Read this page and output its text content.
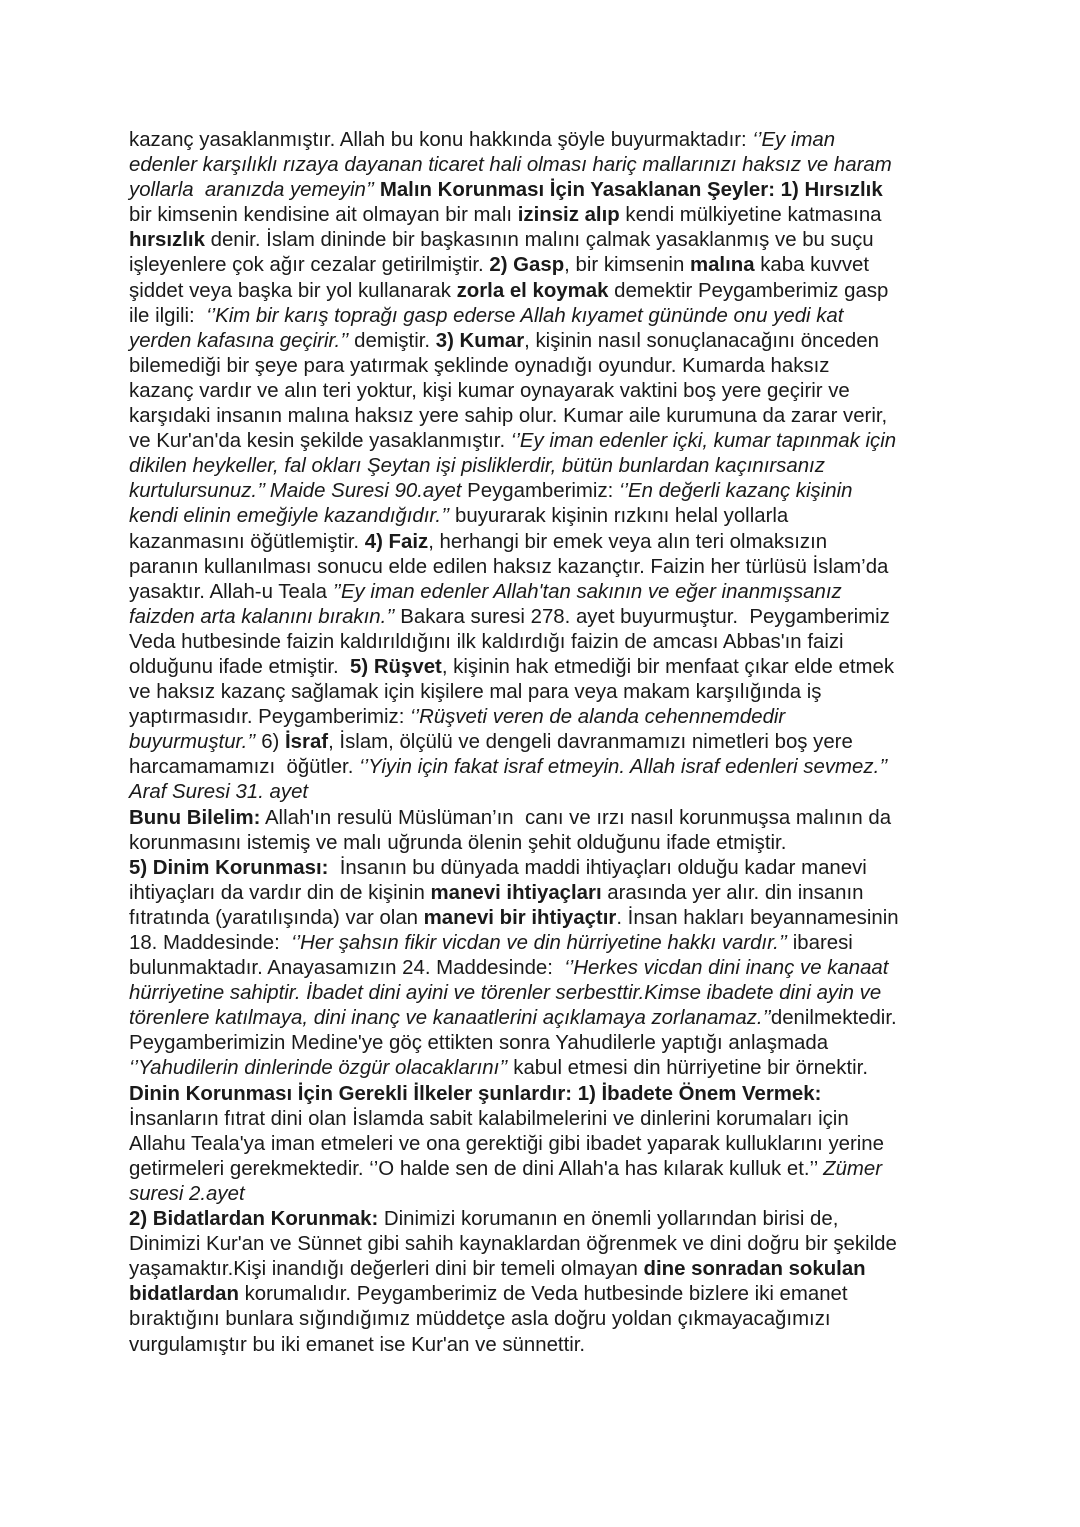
kazanç yasaklanmıştır. Allah bu konu hakkında şöyle buyurmaktadır: ‘’Ey iman
edenler karşılıklı rızaya dayanan ticaret hali olması hariç mallarınızı haksız ve haram
yollarla  aranızda yemeyin’’ Malın Korunması İçin Yasaklanan Şeyler: 1) Hırsızlık
bir kimsenin kendisine ait olmayan bir malı izinsiz alıp kendi mülkiyetine katmasına
hırsızlık denir. İslam dininde bir başkasının malını çalmak yasaklanmış ve bu suçu
işleyenlere çok ağır cezalar getirilmiştir. 2) Gasp, bir kimsenin malına kaba kuvvet
şiddet veya başka bir yol kullanarak zorla el koymak demektir Peygamberimiz gasp
ile ilgili:  ‘’Kim bir karış toprağı gasp ederse Allah kıyamet gününde onu yedi kat
yerden kafasına geçirir.’’ demiştir. 3) Kumar, kişinin nasıl sonuçlanacağını önceden
bilemediği bir şeye para yatırmak şeklinde oynadığı oyundur. Kumarda haksız
kazanç vardır ve alın teri yoktur, kişi kumar oynayarak vaktini boş yere geçirir ve
karşıdaki insanın malına haksız yere sahip olur. Kumar aile kurumuna da zarar verir,
ve Kur'an'da kesin şekilde yasaklanmıştır. ‘’Ey iman edenler içki, kumar tapınmak için
dikilen heykeller, fal okları Şeytan işi pisliklerdir, bütün bunlardan kaçınırsanız
kurtulursunuz.’’ Maide Suresi 90.ayet Peygamberimiz: ‘’En değerli kazanç kişinin
kendi elinin emeğiyle kazandığıdır.’’ buyurarak kişinin rızkını helal yollarla
kazanmasını öğütlemiştir. 4) Faiz, herhangi bir emek veya alın teri olmaksızın
paranın kullanılması sonucu elde edilen haksız kazançtır. Faizin her türlüsü İslam’da
yasaktır. Allah-u Teala ’’Ey iman edenler Allah'tan sakının ve eğer inanmışsanız
faizden arta kalanını bırakın.’’ Bakara suresi 278. ayet buyurmuştur.  Peygamberimiz
Veda hutbesinde faizin kaldırıldığını ilk kaldırdığı faizin de amcası Abbas'ın faizi
olduğunu ifade etmiştir.  5) Rüşvet, kişinin hak etmediği bir menfaat çıkar elde etmek
ve haksız kazanç sağlamak için kişilere mal para veya makam karşılığında iş
yaptırmasıdır. Peygamberimiz: ‘’Rüşveti veren de alanda cehennemdedir
buyurmuştur.’’ 6) İsraf, İslam, ölçülü ve dengeli davranmamızı nimetleri boş yere
harcamamamızı  öğütler. ‘’Yiyin için fakat israf etmeyin. Allah israf edenleri sevmez.’’
Araf Suresi 31. ayet
Bunu Bilelim: Allah'ın resulü Müslüman’ın  canı ve ırzı nasıl korunmuşsa malının da
korunmasını istemiş ve malı uğrunda ölenin şehit olduğunu ifade etmiştir.
5) Dinim Korunması:  İnsanın bu dünyada maddi ihtiyaçları olduğu kadar manevi
ihtiyaçları da vardır din de kişinin manevi ihtiyaçları arasında yer alır. din insanın
fıtratında (yaratılışında) var olan manevi bir ihtiyaçtır. İnsan hakları beyannamesinin
18. Maddesinde:  ‘’Her şahsın fikir vicdan ve din hürriyetine hakkı vardır.’’ ibaresi
bulunmaktadır. Anayasamızın 24. Maddesinde:  ‘’Herkes vicdan dini inanç ve kanaat
hürriyetine sahiptir. İbadet dini ayini ve törenler serbesttir.Kimse ibadete dini ayin ve
törenlere katılmaya, dini inanç ve kanaatlerini açıklamaya zorlanamaz.’’denilmektedir.
Peygamberimizin Medine'ye göç ettikten sonra Yahudilerle yaptığı anlaşmada
‘’Yahudilerin dinlerinde özgür olacaklarını’’ kabul etmesi din hürriyetine bir örnektir.
Dinin Korunması İçin Gerekli İlkeler şunlardır: 1) İbadete Önem Vermek:
İnsanların fıtrat dini olan İslamda sabit kalabilmelerini ve dinlerini korumaları için
Allahu Teala'ya iman etmeleri ve ona gerektiği gibi ibadet yaparak kulluklarını yerine
getirmeleri gerekmektedir. ‘’O halde sen de dini Allah'a has kılarak kulluk et.’’ Zümer
suresi 2.ayet
2) Bidatlardan Korunmak: Dinimizi korumanın en önemli yollarından birisi de,
Dinimizi Kur'an ve Sünnet gibi sahih kaynaklardan öğrenmek ve dini doğru bir şekilde
yaşamaktır.Kişi inandığı değerleri dini bir temeli olmayan dine sonradan sokulan
bidatlardan korumalıdır. Peygamberimiz de Veda hutbesinde bizlere iki emanet
bıraktığını bunlara sığındığımız müddetçe asla doğru yoldan çıkmayacağımızı
vurgulamıştır bu iki emanet ise Kur'an ve sünnettir.
